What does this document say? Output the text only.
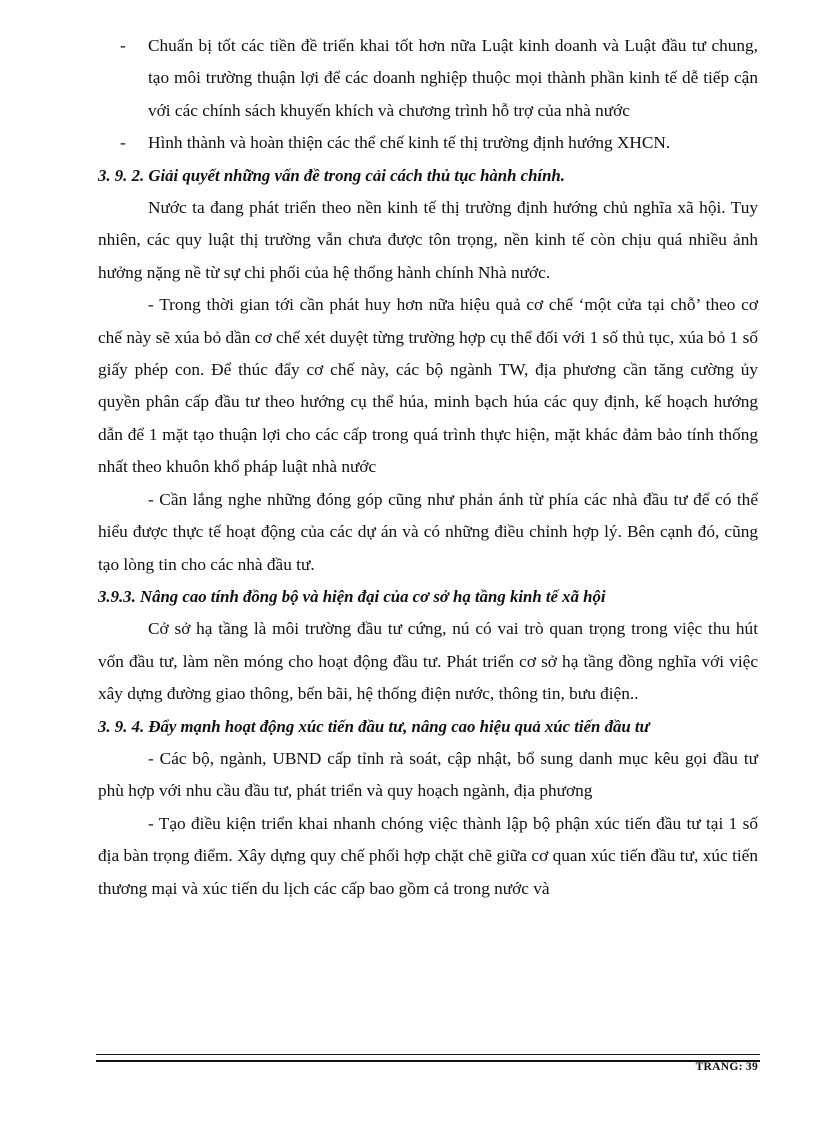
- Chuẩn bị tốt các tiền đề triển khai tốt hơn nữa Luật kinh doanh và Luật đầu tư chung, tạo môi trường thuận lợi để các doanh nghiệp thuộc mọi thành phần kinh tế dễ tiếp cận với các chính sách khuyến khích và chương trình hỗ trợ của nhà nước
- Hình thành và hoàn thiện các thể chế kinh tế thị trường định hướng XHCN.
3. 9. 2. Giải quyết những vấn đề trong cải cách thủ tục hành chính.

Nước ta đang phát triển theo nền kinh tế thị trường định hướng chủ nghĩa xã hội. Tuy nhiên, các quy luật thị trường vẫn chưa được tôn trọng, nền kinh tế còn chịu quá nhiều ảnh hưởng nặng nề từ sự chi phối của hệ thống hành chính Nhà nước.

- Trong thời gian tới cần phát huy hơn nữa hiệu quả cơ chế ‘một cửa tại chỗ’ theo cơ chế này sẽ xúa bỏ dần cơ chế xét duyệt từng trường hợp cụ thể đối với 1 số thủ tục, xúa bỏ 1 số giấy phép con. Để thúc đẩy cơ chế này, các bộ ngành TW, địa phương cần tăng cường ủy quyền phân cấp đầu tư theo hướng cụ thể húa, minh bạch húa các quy định, kế hoạch hướng dẫn để 1 mặt tạo thuận lợi cho các cấp trong quá trình thực hiện, mặt khác đảm bảo tính thống nhất theo khuôn khổ pháp luật nhà nước

- Cần lắng nghe những đóng góp cũng như phản ánh từ phía các nhà đầu tư để có thể hiểu được thực tế hoạt động của các dự án và có những điều chỉnh hợp lý. Bên cạnh đó, cũng tạo lòng tin cho các nhà đầu tư.

3.9.3. Nâng cao tính đồng bộ và hiện đại của cơ sở hạ tầng kinh tế xã hội

Cở sở hạ tầng là môi trường đầu tư cứng, nú có vai trò quan trọng trong việc thu hút vốn đầu tư, làm nền móng cho hoạt động đầu tư. Phát triển cơ sở hạ tầng đồng nghĩa với việc xây dựng đường giao thông, bến bãi, hệ thống điện nước, thông tin, bưu điện..

3. 9. 4. Đẩy mạnh hoạt động xúc tiến đầu tư, nâng cao hiệu quả xúc tiến đầu tư

- Các bộ, ngành, UBND cấp tỉnh rà soát, cập nhật, bổ sung danh mục kêu gọi đầu tư phù hợp với nhu cầu đầu tư, phát triển và quy hoạch ngành, địa phương

- Tạo điều kiện triển khai nhanh chóng việc thành lập bộ phận xúc tiến đầu tư tại 1 số địa bàn trọng điểm. Xây dựng quy chế phối hợp chặt chẽ giữa cơ quan xúc tiến đầu tư, xúc tiến thương mại và xúc tiến du lịch các cấp bao gồm cả trong nước và

TRANG: 39
